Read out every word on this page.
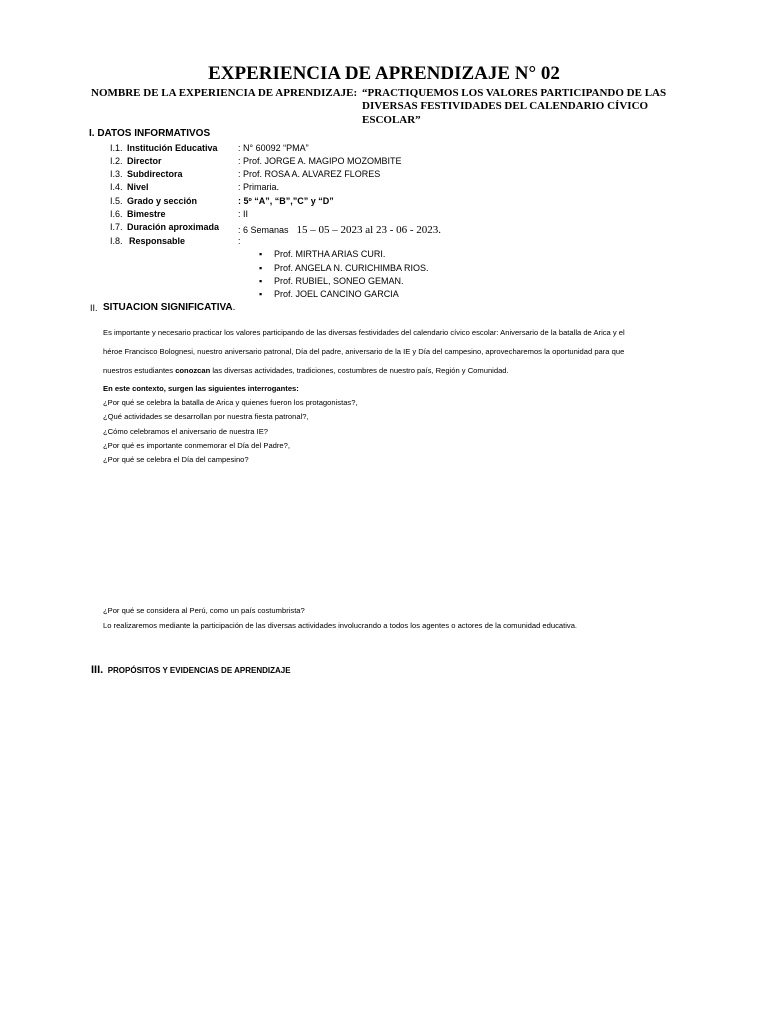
EXPERIENCIA DE APRENDIZAJE N° 02
NOMBRE DE LA EXPERIENCIA DE APRENDIZAJE: “PRACTIQUEMOS LOS VALORES PARTICIPANDO DE LAS
DIVERSAS FESTIVIDADES DEL CALENDARIO CÍVICO
ESCOLAR”
I. DATOS INFORMATIVOS
I.1. Institución Educativa : N° 60092 “PMA”
I.2. Director	: Prof. JORGE A. MAGIPO MOZOMBITE
I.3. Subdirectora	: Prof. ROSA A. ALVAREZ FLORES
I.4. Nivel	: Primaria.
I.5. Grado y sección	: 5º “A”, “B”,”C” y “D”
I.6. Bimestre	: II
I.7. Duración aproximada : 6 Semanas 15 – 05 – 2023 al 23 - 06 - 2023.
I.8. Responsable	:
▪ Prof. MIRTHA ARIAS CURI.
▪ Prof. ANGELA N. CURICHIMBA RIOS.
▪ Prof. RUBIEL, SONEO GEMAN.
▪ Prof. JOEL CANCINO GARCIA
II. SITUACION SIGNIFICATIVA.
Es importante y necesario practicar los valores participando de las diversas festividades del calendario cívico escolar: Aniversario de la batalla de Arica y el
héroe Francisco Bolognesi, nuestro aniversario patronal, Día del padre, aniversario de la IE y Día del campesino, aprovecharemos la oportunidad para que
nuestros estudiantes conozcan las diversas actividades, tradiciones, costumbres de nuestro país, Región y Comunidad.
En este contexto, surgen las siguientes interrogantes:
¿Por qué se celebra la batalla de Arica y quienes fueron los protagonistas?,
¿Qué actividades se desarrollan por nuestra fiesta patronal?,
¿Cómo celebramos el aniversario de nuestra IE?
¿Por qué es importante conmemorar el Día del Padre?,
¿Por qué se celebra el Día del campesino?
¿Por qué se considera al Perú, como un país costumbrista?
Lo realizaremos mediante la participación de las diversas actividades involucrando a todos los agentes o actores de la comunidad educativa.
III. PROPÓSITOS Y EVIDENCIAS DE APRENDIZAJE
